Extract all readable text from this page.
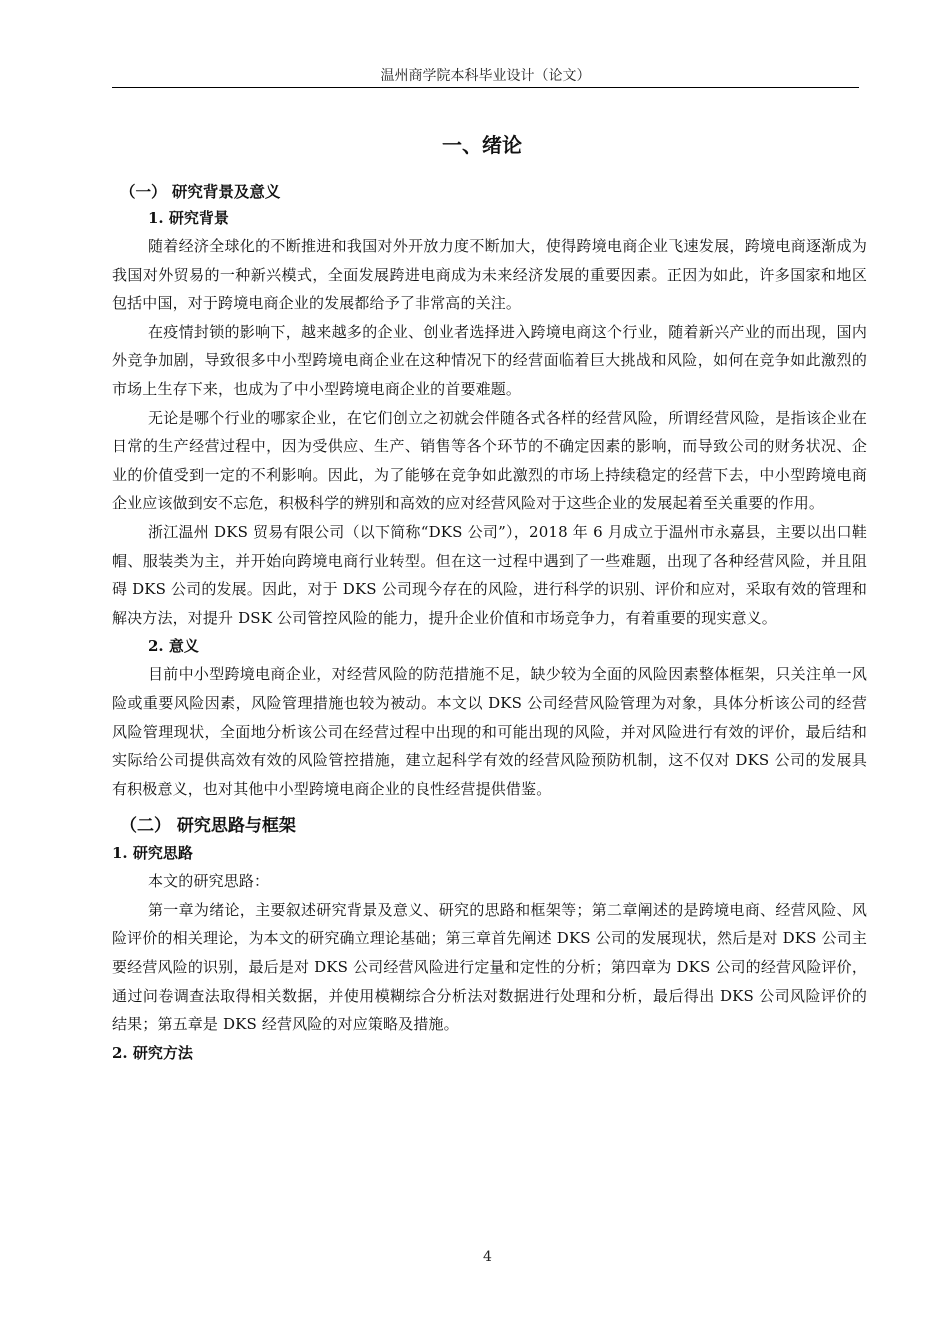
温州商学院本科毕业设计（论文）
一、绪论
（一） 研究背景及意义
1. 研究背景

随着经济全球化的不断推进和我国对外开放力度不断加大，使得跨境电商企业飞速发展，跨境电商逐渐成为我国对外贸易的一种新兴模式，全面发展跨进电商成为未来经济发展的重要因素。正因为如此，许多国家和地区包括中国，对于跨境电商企业的发展都给予了非常高的关注。

在疫情封锁的影响下，越来越多的企业、创业者选择进入跨境电商这个行业，随着新兴产业的而出现，国内外竞争加剧，导致很多中小型跨境电商企业在这种情况下的经营面临着巨大挑战和风险，如何在竞争如此激烈的市场上生存下来，也成为了中小型跨境电商企业的首要难题。

无论是哪个行业的哪家企业，在它们创立之初就会伴随各式各样的经营风险，所谓经营风险，是指该企业在日常的生产经营过程中，因为受供应、生产、销售等各个环节的不确定因素的影响，而导致公司的财务状况、企业的价值受到一定的不利影响。因此，为了能够在竞争如此激烈的市场上持续稳定的经营下去，中小型跨境电商企业应该做到安不忘危，积极科学的辨别和高效的应对经营风险对于这些企业的发展起着至关重要的作用。

浙江温州 DKS 贸易有限公司（以下简称“DKS 公司”），2018 年 6 月成立于温州市永嘉县，主要以出口鞋帽、服装类为主，并开始向跨境电商行业转型。但在这一过程中遇到了一些难题，出现了各种经营风险，并且阻碍 DKS 公司的发展。因此，对于 DKS 公司现今存在的风险，进行科学的识别、评价和应对，采取有效的管理和解决方法，对提升 DSK 公司管控风险的能力，提升企业价值和市场竞争力，有着重要的现实意义。

2. 意义

目前中小型跨境电商企业，对经营风险的防范措施不足，缺少较为全面的风险因素整体框架，只关注单一风险或重要风险因素，风险管理措施也较为被动。本文以 DKS 公司经营风险管理为对象，具体分析该公司的经营风险管理现状，全面地分析该公司在经营过程中出现的和可能出现的风险，并对风险进行有效的评价，最后结和实际给公司提供高效有效的风险管控措施，建立起科学有效的经营风险预防机制，这不仅对 DKS 公司的发展具有积极意义，也对其他中小型跨境电商企业的良性经营提供借鉴。

（二） 研究思路与框架
1. 研究思路

本文的研究思路：

第一章为绪论，主要叙述研究背景及意义、研究的思路和框架等；第二章阐述的是跨境电商、经营风险、风险评价的相关理论，为本文的研究确立理论基础；第三章首先阐述 DKS 公司的发展现状，然后是对 DKS 公司主要经营风险的识别，最后是对 DKS 公司经营风险进行定量和定性的分析；第四章为 DKS 公司的经营风险评价，通过问卷调查法取得相关数据，并使用模糊综合分析法对数据进行处理和分析，最后得出 DKS 公司风险评价的结果；第五章是 DKS 经营风险的对应策略及措施。

2. 研究方法
4
